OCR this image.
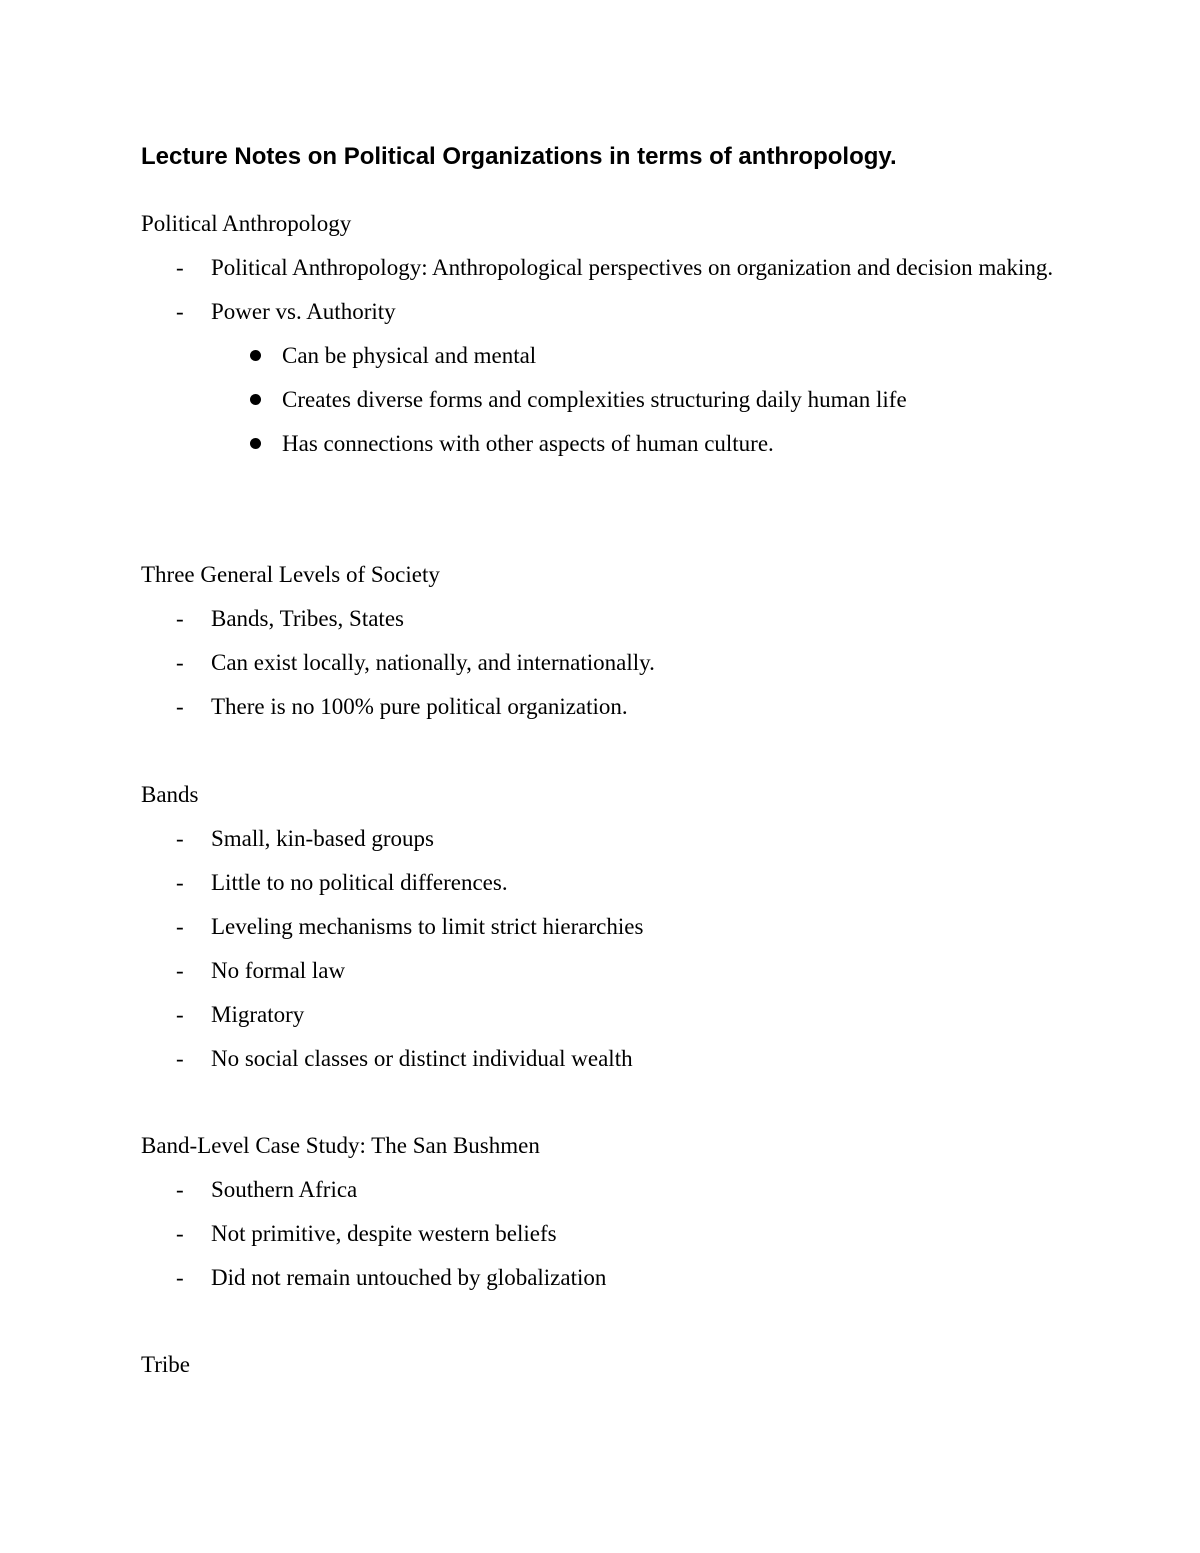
Lecture Notes on Political Organizations in terms of anthropology.
Political Anthropology
- Political Anthropology: Anthropological perspectives on organization and decision making.
- Power vs. Authority
Can be physical and mental
Creates diverse forms and complexities structuring daily human life
Has connections with other aspects of human culture.
Three General Levels of Society
- Bands, Tribes, States
- Can exist locally, nationally, and internationally.
- There is no 100% pure political organization.
Bands
- Small, kin-based groups
- Little to no political differences.
- Leveling mechanisms to limit strict hierarchies
- No formal law
- Migratory
- No social classes or distinct individual wealth
Band-Level Case Study: The San Bushmen
- Southern Africa
- Not primitive, despite western beliefs
- Did not remain untouched by globalization
Tribe
